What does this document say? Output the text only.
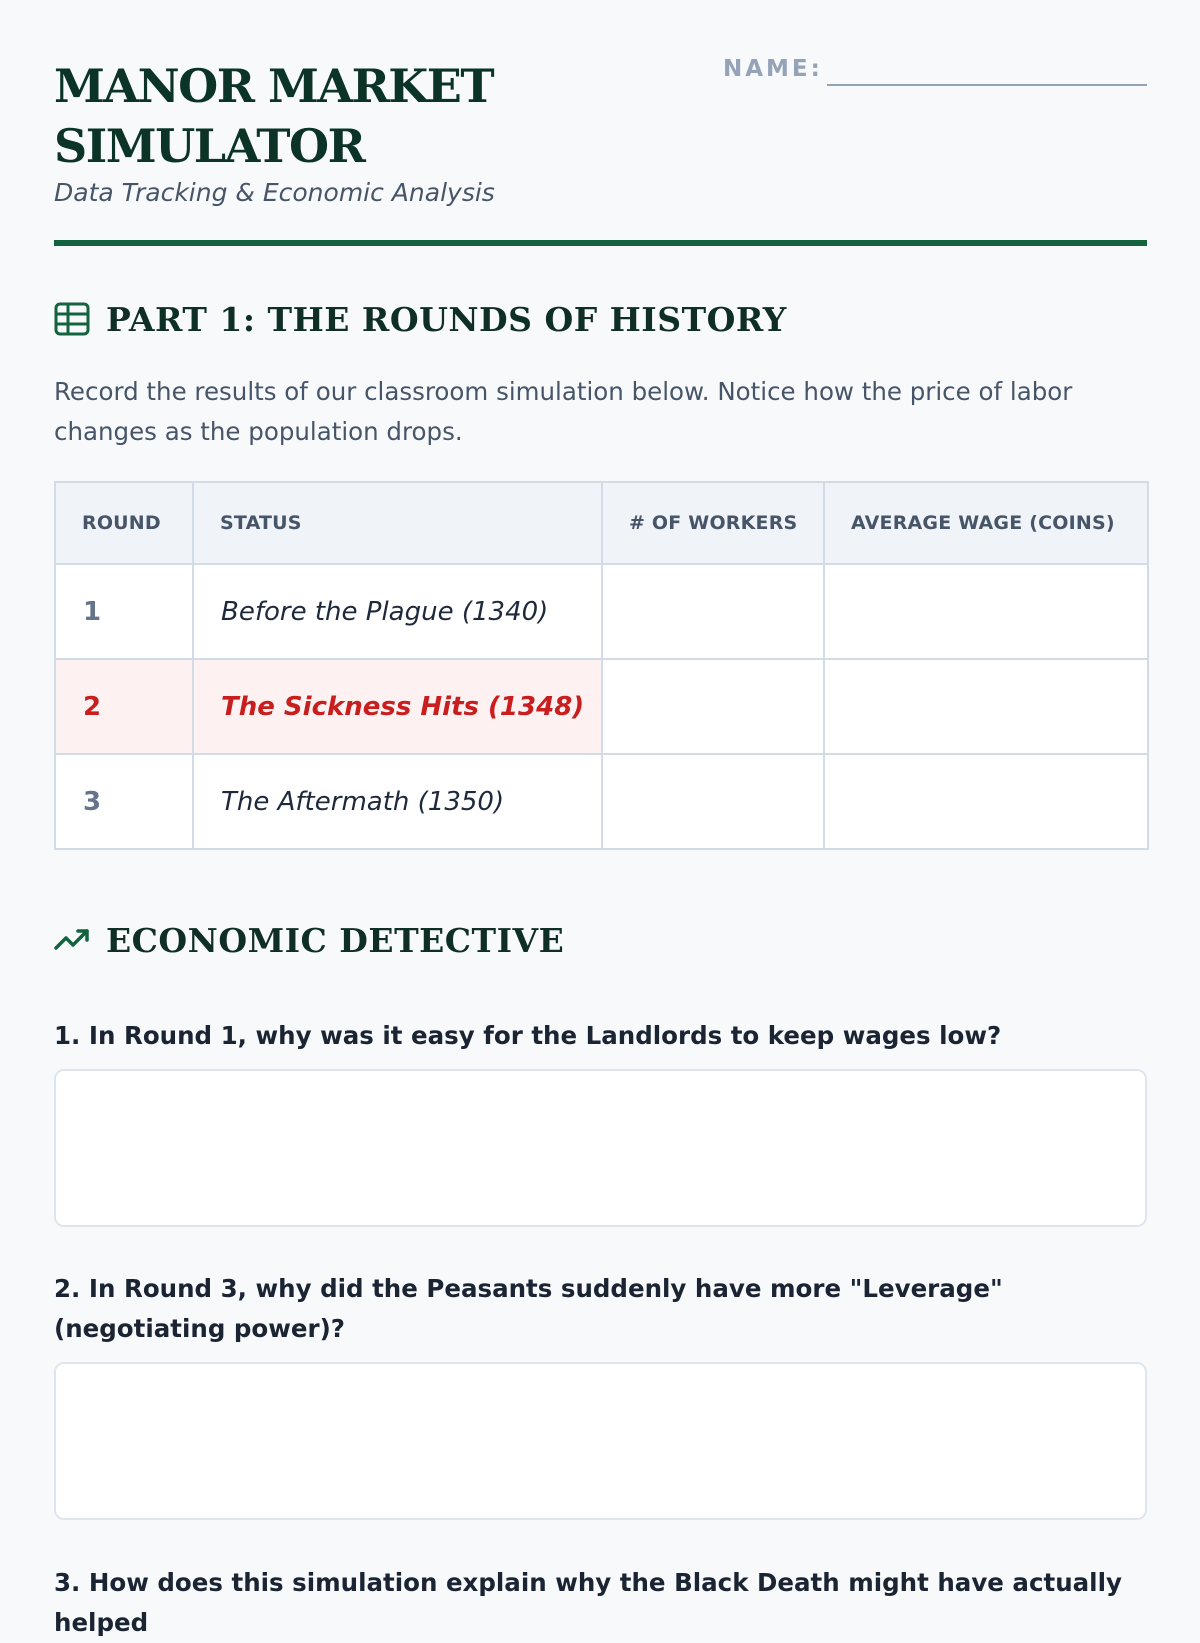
MANOR MARKET
SIMULATOR
Data Tracking & Economic Analysis
NAME:
PART 1: THE ROUNDS OF HISTORY

Record the results of our classroom simulation below. Notice how the price of labor changes as the population drops.

ROUND	STATUS	# OF WORKERS	AVERAGE WAGE (COINS)
1	Before the Plague (1340)		
2	The Sickness Hits (1348)		
3	The Aftermath (1350)		
ECONOMIC DETECTIVE
1. In Round 1, why was it easy for the Landlords to keep wages low?
2. In Round 3, why did the Peasants suddenly have more "Leverage" (negotiating power)?
3. How does this simulation explain why the Black Death might have actually helped
